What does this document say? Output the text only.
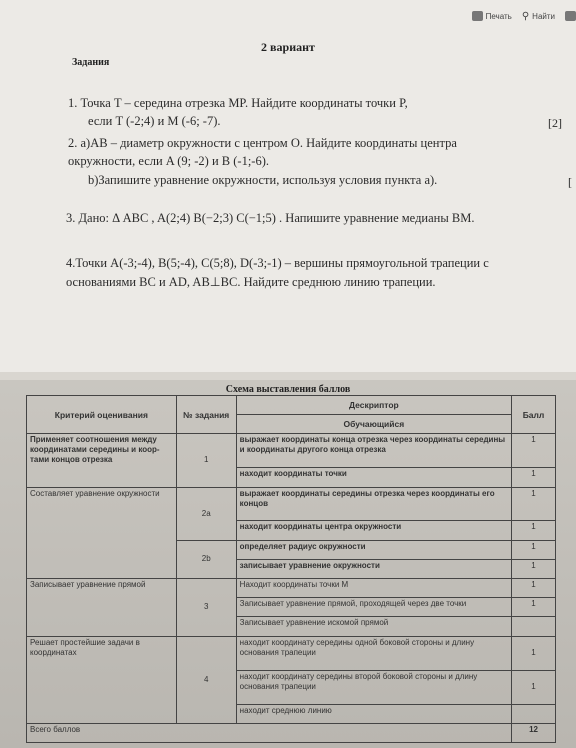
Печать ⚲ Найти
2 вариант
Задания
1. Точка T – середина отрезка MP. Найдите координаты точки P,
если T (-2;4) и M (-6; -7).	[2]
2. a)AB – диаметр окружности с центром O. Найдите координаты центра
окружности, если A (9; -2) и B (-1;-6).
b)Запишите уравнение окружности, используя условия пункта а).	[
3. Дано: Δ ABC , A(2;4) B(−2;3) C(−1;5) . Напишите уравнение медианы BM.
4.Точки A(-3;-4), B(5;-4), C(5;8), D(-3;-1) – вершины прямоугольной трапеции с
основаниями BC и AD, AB⊥BC. Найдите среднюю линию трапеции.
Схема выставления баллов
Критерий оценивания	№ задания	Дескриптор	Балл
		Обучающийся	
Применяет соотношения между координатами середины и коор-тами концов отрезка	1	выражает координаты конца отрезка через координаты середины и координаты другого конца отрезка	1
		находит координаты точки	1
Составляет уравнение окружности	2a	выражает координаты середины отрезка через координаты его концов	1
		находит координаты центра окружности	1
	2b	определяет радиус окружности	1
		записывает уравнение окружности	1
Записывает уравнение прямой	3	Находит координаты точки M	1
		Записывает уравнение прямой, проходящей через две точки	1
		Записывает уравнение искомой прямой	
Решает простейшие задачи в координатах	4	находит координату середины одной боковой стороны и длину основания трапеции	1
		находит координату середины второй боковой стороны и длину основания трапеции	1
		находит среднюю линию	
Всего баллов			12
